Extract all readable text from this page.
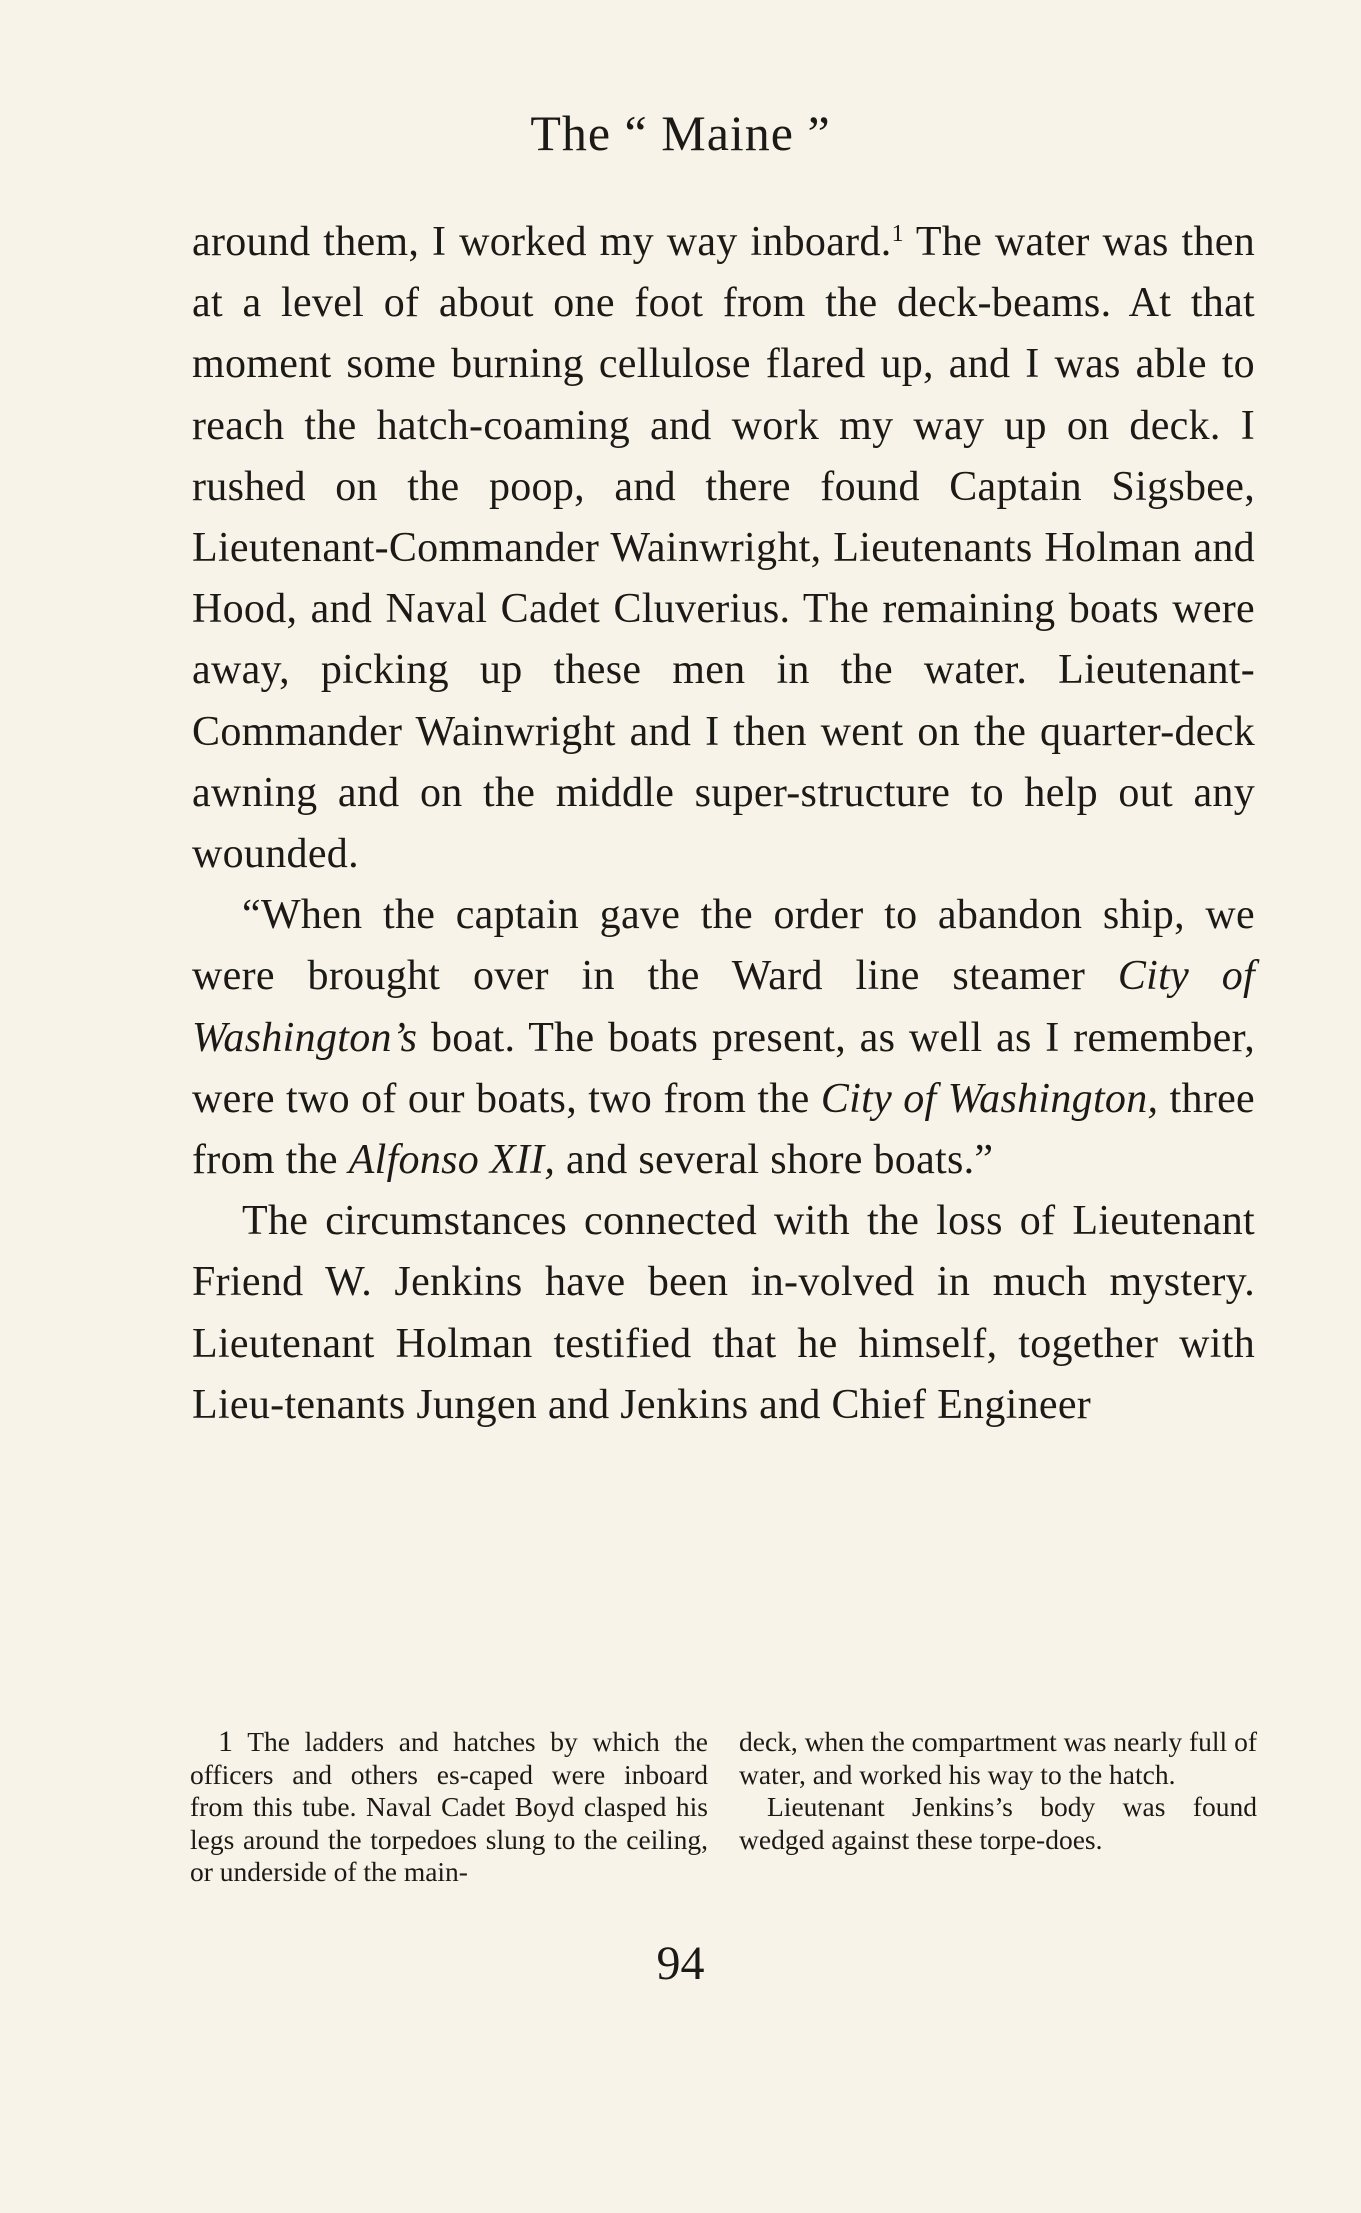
The “ Maine ”

around them, I worked my way inboard.$^1$ The water was then at a level of about one foot from the deck-beams. At that moment some burning cellulose flared up, and I was able to reach the hatch-coaming and work my way up on deck. I rushed on the poop, and there found Captain Sigsbee, Lieutenant-Commander Wainwright, Lieutenants Holman and Hood, and Naval Cadet Cluverius. The remaining boats were away, picking up these men in the water. Lieutenant-Commander Wainwright and I then went on the quarter-deck awning and on the middle super-structure to help out any wounded.

“When the captain gave the order to abandon ship, we were brought over in the Ward line steamer City of Washington’s boat. The boats present, as well as I remember, were two of our boats, two from the City of Washington, three from the Alfonso XII, and several shore boats.”

The circumstances connected with the loss of Lieutenant Friend W. Jenkins have been in-volved in much mystery. Lieutenant Holman testified that he himself, together with Lieu-tenants Jungen and Jenkins and Chief Engineer

1 The ladders and hatches by which the officers and others es-caped were inboard from this tube. Naval Cadet Boyd clasped his legs around the torpedoes slung to the ceiling, or underside of the main-

deck, when the compartment was nearly full of water, and worked his way to the hatch.

Lieutenant Jenkins’s body was found wedged against these torpe-does.

94
